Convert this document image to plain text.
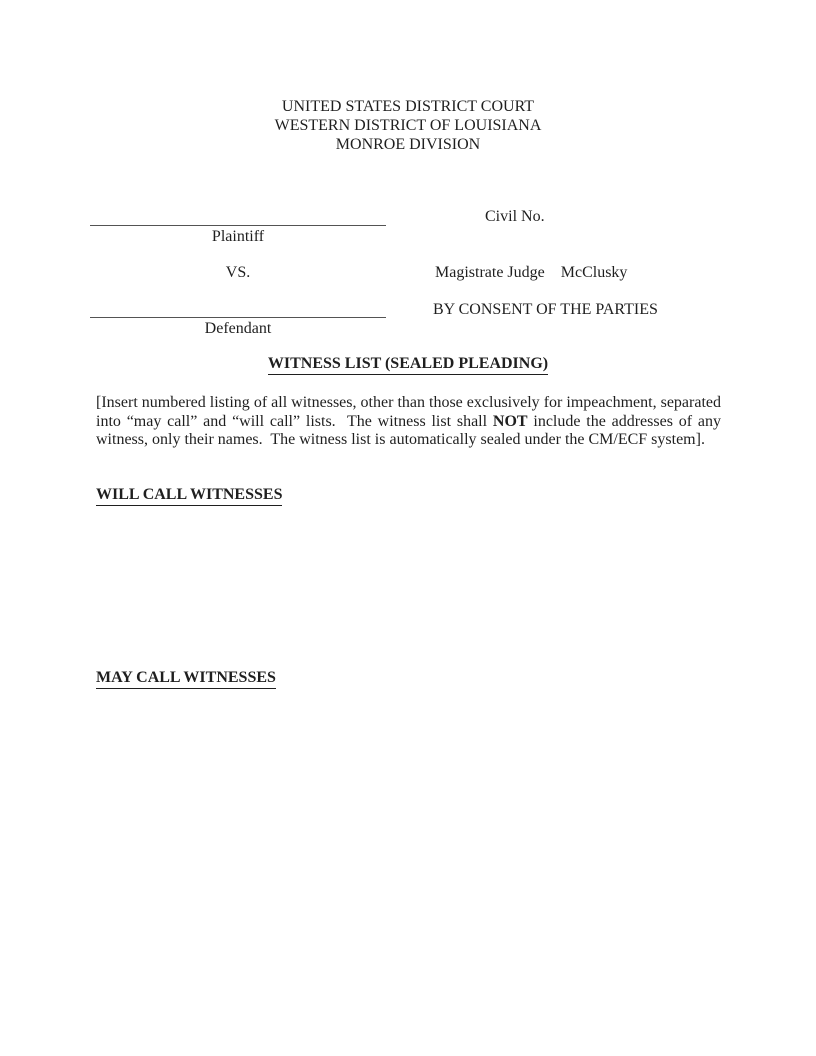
UNITED STATES DISTRICT COURT
WESTERN DISTRICT OF LOUISIANA
MONROE DIVISION
Plaintiff
VS.
Defendant
Civil No.
Magistrate Judge McClusky
BY CONSENT OF THE PARTIES
WITNESS LIST (SEALED PLEADING)
[Insert numbered listing of all witnesses, other than those exclusively for impeachment, separated into “may call” and “will call” lists.  The witness list shall NOT include the addresses of any witness, only their names.  The witness list is automatically sealed under the CM/ECF system].
WILL CALL WITNESSES
MAY CALL WITNESSES
